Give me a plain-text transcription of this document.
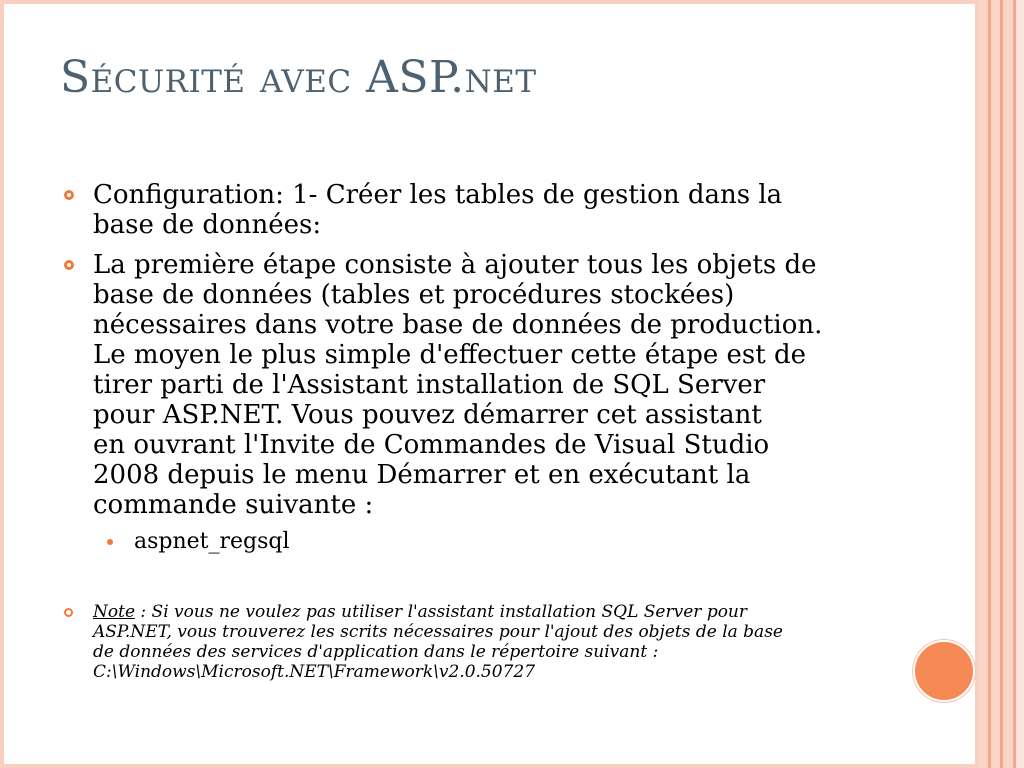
Sécurité avec ASP.net
Configuration: 1- Créer les tables de gestion dans la
base de données:
La première étape consiste à ajouter tous les objets de
base de données (tables et procédures stockées)
nécessaires dans votre base de données de production.
Le moyen le plus simple d'effectuer cette étape est de
tirer parti de l'Assistant installation de SQL Server
pour ASP.NET. Vous pouvez démarrer cet assistant
en ouvrant l'Invite de Commandes de Visual Studio
2008 depuis le menu Démarrer et en exécutant la
commande suivante :
aspnet_regsql
Note : Si vous ne voulez pas utiliser l'assistant installation SQL Server pour
ASP.NET, vous trouverez les scrits nécessaires pour l'ajout des objets de la base
de données des services d'application dans le répertoire suivant :
C:\Windows\Microsoft.NET\Framework\v2.0.50727
